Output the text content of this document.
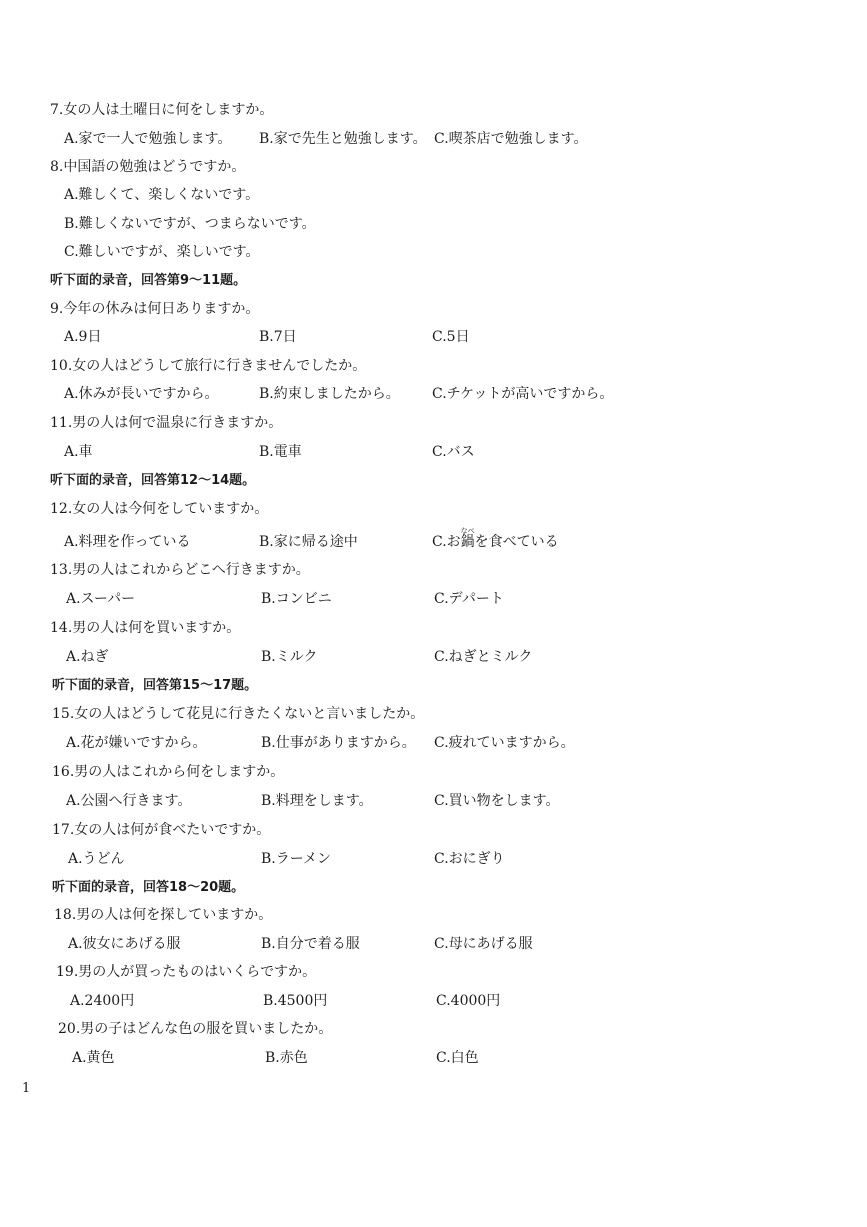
7.女の人は土曜日に何をしますか。
A.家で一人で勉強します。 B.家で先生と勉強します。 C.喫茶店で勉強します。
8.中国語の勉強はどうですか。
A.難しくて、楽しくないです。
B.難しくないですが、つまらないです。
C.難しいですが、楽しいです。
听下面的录音，回答第9～11题。
9.今年の休みは何日ありますか。
A.9日	B.7日	C.5日
10.女の人はどうして旅行に行きませんでしたか。
A.休みが長いですから。	B.約束しましたから。 C.チケットが高いですから。
11.男の人は何で温泉に行きますか。
A.車	B.電車	C.バス
听下面的录音，回答第12～14题。
12.女の人は今何をしていますか。
A.料理を作っている	B.家に帰る途中	C.お鍋なべを食べている
13.男の人はこれからどこへ行きますか。
A.スーパー	B.コンビニ	C.デパート
14.男の人は何を買いますか。
A.ねぎ	B.ミルク	C.ねぎとミルク
听下面的录音，回答第15～17题。
15.女の人はどうして花見に行きたくないと言いましたか。
A.花が嫌いですから。	B.仕事がありますから。 C.疲れていますから。
16.男の人はこれから何をしますか。
A.公園へ行きます。	B.料理をします。	C.買い物をします。
17.女の人は何が食べたいですか。
A.うどん	B.ラーメン	C.おにぎり
听下面的录音，回答18～20题。
18.男の人は何を探していますか。
A.彼女にあげる服	B.自分で着る服	C.母にあげる服
19.男の人が買ったものはいくらですか。
A.2400円	B.4500円	C.4000円
20.男の子はどんな色の服を買いましたか。
A.黄色	B.赤色	C.白色
1
